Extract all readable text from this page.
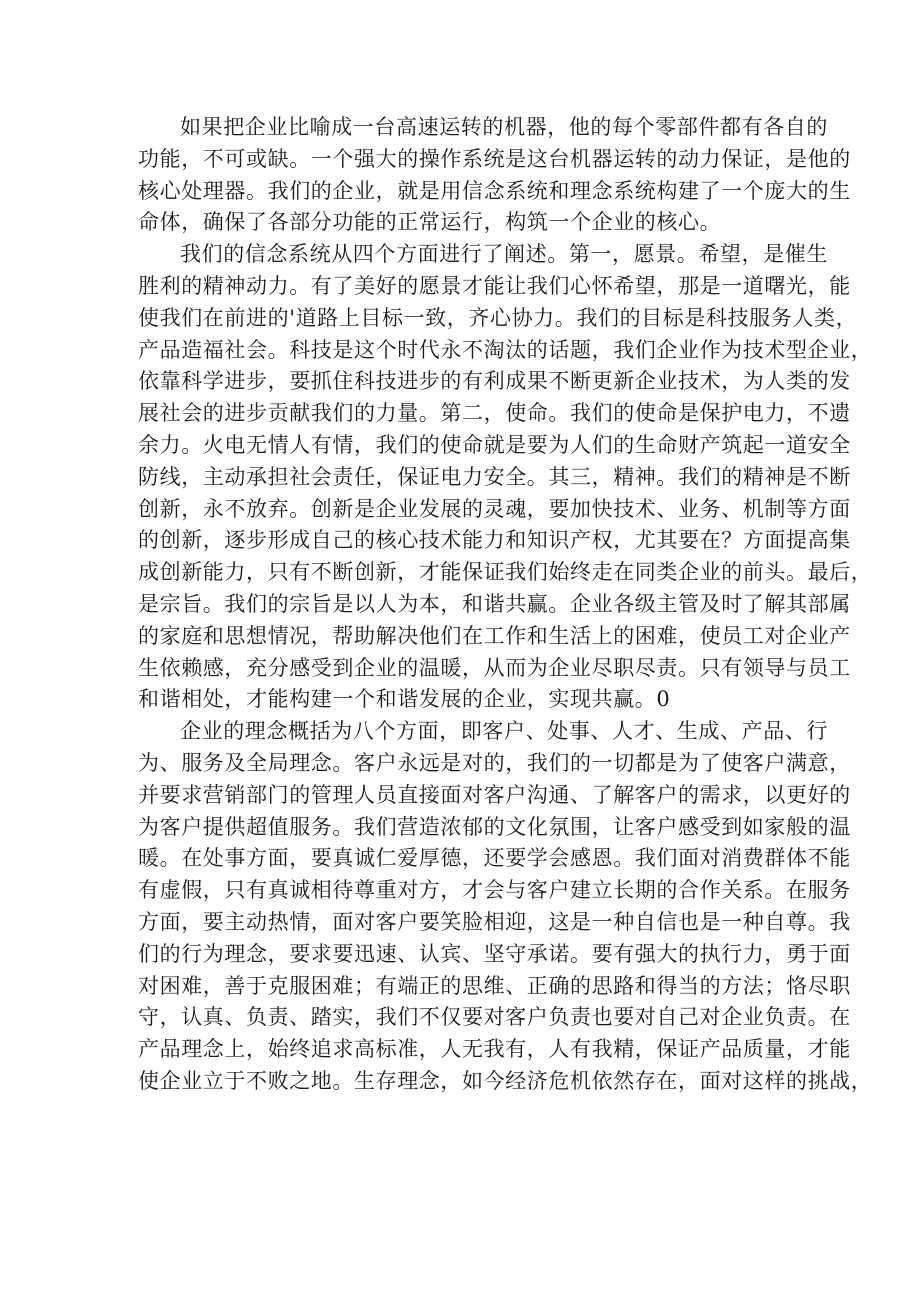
如果把企业比喻成一台高速运转的机器，他的每个零部件都有各自的
功能，不可或缺。一个强大的操作系统是这台机器运转的动力保证，是他的
核心处理器。我们的企业，就是用信念系统和理念系统构建了一个庞大的生
命体，确保了各部分功能的正常运行，构筑一个企业的核心。
我们的信念系统从四个方面进行了阐述。第一，愿景。希望，是催生
胜利的精神动力。有了美好的愿景才能让我们心怀希望，那是一道曙光，能
使我们在前进的'道路上目标一致，齐心协力。我们的目标是科技服务人类，
产品造福社会。科技是这个时代永不淘汰的话题，我们企业作为技术型企业，
依靠科学进步，要抓住科技进步的有利成果不断更新企业技术，为人类的发
展社会的进步贡献我们的力量。第二，使命。我们的使命是保护电力，不遗
余力。火电无情人有情，我们的使命就是要为人们的生命财产筑起一道安全
防线，主动承担社会责任，保证电力安全。其三，精神。我们的精神是不断
创新，永不放弃。创新是企业发展的灵魂，要加快技术、业务、机制等方面
的创新，逐步形成自己的核心技术能力和知识产权，尤其要在？方面提高集
成创新能力，只有不断创新，才能保证我们始终走在同类企业的前头。最后，
是宗旨。我们的宗旨是以人为本，和谐共赢。企业各级主管及时了解其部属
的家庭和思想情况，帮助解决他们在工作和生活上的困难，使员工对企业产
生依赖感，充分感受到企业的温暖，从而为企业尽职尽责。只有领导与员工
和谐相处，才能构建一个和谐发展的企业，实现共赢。0
企业的理念概括为八个方面，即客户、处事、人才、生成、产品、行
为、服务及全局理念。客户永远是对的，我们的一切都是为了使客户满意，
并要求营销部门的管理人员直接面对客户沟通、了解客户的需求，以更好的
为客户提供超值服务。我们营造浓郁的文化氛围，让客户感受到如家般的温
暖。在处事方面，要真诚仁爱厚德，还要学会感恩。我们面对消费群体不能
有虚假，只有真诚相待尊重对方，才会与客户建立长期的合作关系。在服务
方面，要主动热情，面对客户要笑脸相迎，这是一种自信也是一种自尊。我
们的行为理念，要求要迅速、认宾、坚守承诺。要有强大的执行力，勇于面
对困难，善于克服困难；有端正的思维、正确的思路和得当的方法；恪尽职
守，认真、负责、踏实，我们不仅要对客户负责也要对自己对企业负责。在
产品理念上，始终追求高标准，人无我有，人有我精，保证产品质量，才能
使企业立于不败之地。生存理念，如今经济危机依然存在，面对这样的挑战，
